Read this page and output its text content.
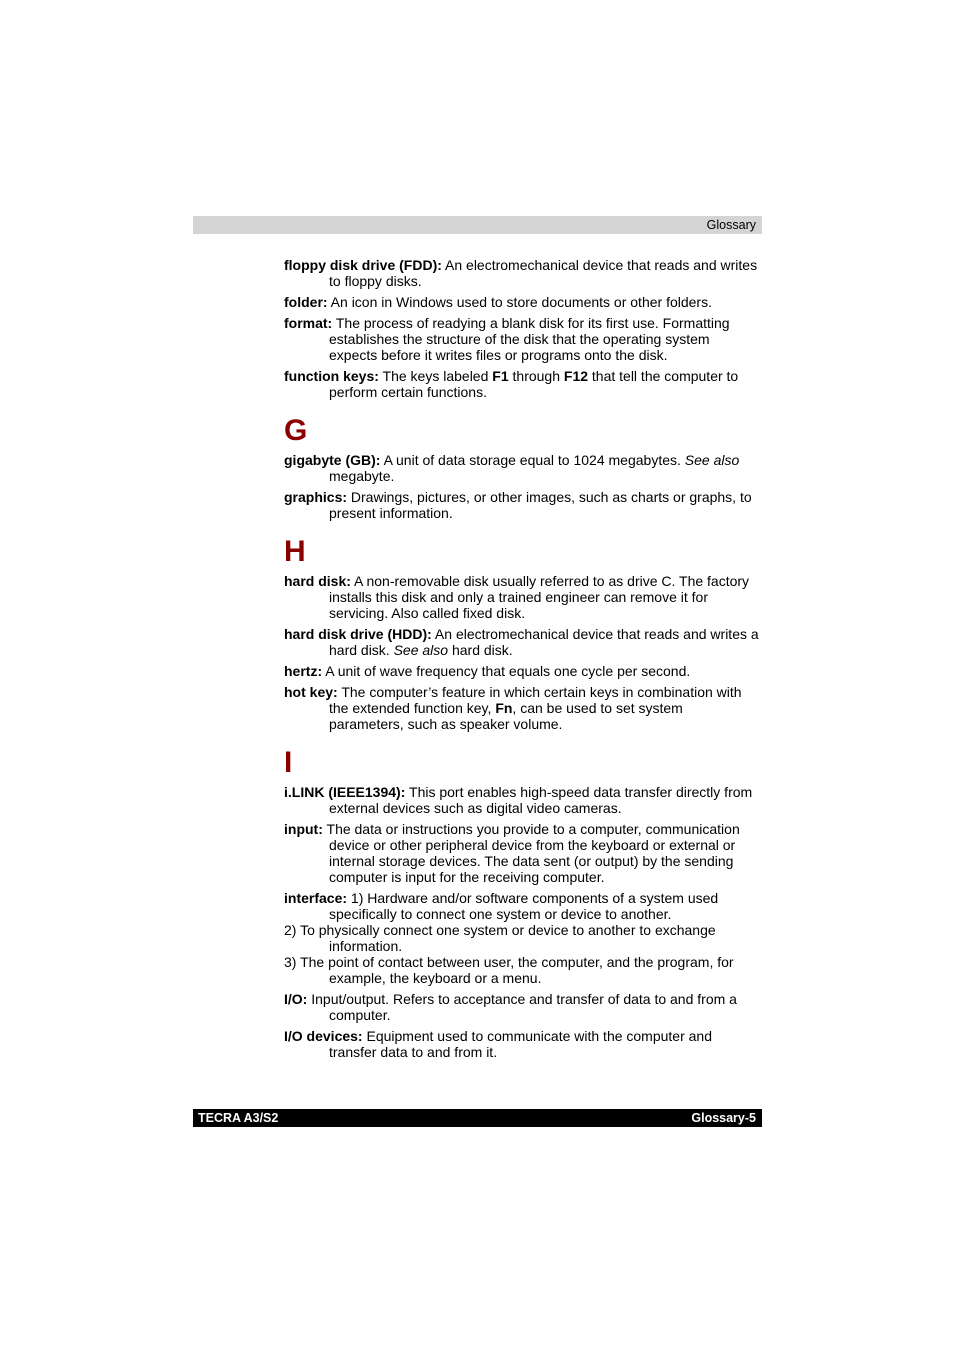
Glossary

floppy disk drive (FDD): An electromechanical device that reads and writes to floppy disks.

folder: An icon in Windows used to store documents or other folders.

format: The process of readying a blank disk for its first use. Formatting establishes the structure of the disk that the operating system expects before it writes files or programs onto the disk.

function keys: The keys labeled F1 through F12 that tell the computer to perform certain functions.

G

gigabyte (GB): A unit of data storage equal to 1024 megabytes. See also megabyte.

graphics: Drawings, pictures, or other images, such as charts or graphs, to present information.

H

hard disk: A non-removable disk usually referred to as drive C. The factory installs this disk and only a trained engineer can remove it for servicing. Also called fixed disk.

hard disk drive (HDD): An electromechanical device that reads and writes a hard disk. See also hard disk.

hertz: A unit of wave frequency that equals one cycle per second.

hot key: The computer’s feature in which certain keys in combination with the extended function key, Fn, can be used to set system parameters, such as speaker volume.

I

i.LINK (IEEE1394): This port enables high-speed data transfer directly from external devices such as digital video cameras.

input: The data or instructions you provide to a computer, communication device or other peripheral device from the keyboard or external or internal storage devices. The data sent (or output) by the sending computer is input for the receiving computer.

interface: 1) Hardware and/or software components of a system used specifically to connect one system or device to another.
2) To physically connect one system or device to another to exchange information.
3) The point of contact between user, the computer, and the program, for example, the keyboard or a menu.

I/O: Input/output. Refers to acceptance and transfer of data to and from a computer.

I/O devices: Equipment used to communicate with the computer and transfer data to and from it.

TECRA A3/S2	Glossary-5
